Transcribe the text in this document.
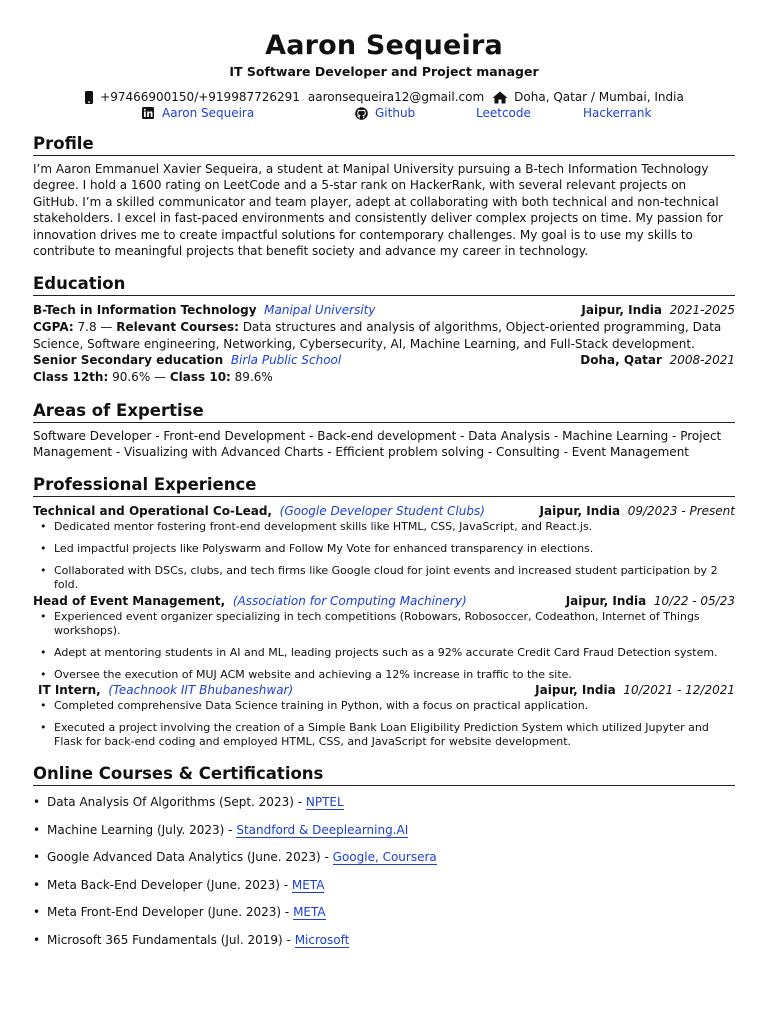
Aaron Sequeira
IT Software Developer and Project manager
+97466900150/+919987726291 aaronsequeira12@gmail.com	Doha, Qatar / Mumbai, India
Aaron Sequeira	Github	Leetcode	Hackerrank
Profile

I’m Aaron Emmanuel Xavier Sequeira, a student at Manipal University pursuing a B-tech Information Technology degree. I hold a 1600 rating on LeetCode and a 5-star rank on HackerRank, with several relevant projects on GitHub. I’m a skilled communicator and team player, adept at collaborating with both technical and non-technical stakeholders. I excel in fast-paced environments and consistently deliver complex projects on time. My passion for innovation drives me to create impactful solutions for contemporary challenges. My goal is to use my skills to contribute to meaningful projects that benefit society and advance my career in technology.

Education
B-Tech in Information Technology Manipal University	Jaipur, India 2021-2025

CGPA: 7.8 — Relevant Courses: Data structures and analysis of algorithms, Object-oriented programming, Data Science, Software engineering, Networking, Cybersecurity, AI, Machine Learning, and Full-Stack development.

Senior Secondary education Birla Public School	Doha, Qatar 2008-2021

Class 12th: 90.6% — Class 10: 89.6%

Areas of Expertise

Software Developer - Front-end Development - Back-end development - Data Analysis - Machine Learning - Project Management - Visualizing with Advanced Charts - Efficient problem solving - Consulting - Event Management

Professional Experience
Technical and Operational Co-Lead, (Google Developer Student Clubs)	Jaipur, India 09/2023 - Present
• Dedicated mentor fostering front-end development skills like HTML, CSS, JavaScript, and React.js.
• Led impactful projects like Polyswarm and Follow My Vote for enhanced transparency in elections.
• Collaborated with DSCs, clubs, and tech firms like Google cloud for joint events and increased student participation by 2 fold.
Head of Event Management, (Association for Computing Machinery)	Jaipur, India 10/22 - 05/23
• Experienced event organizer specializing in tech competitions (Robowars, Robosoccer, Codeathon, Internet of Things workshops).
• Adept at mentoring students in AI and ML, leading projects such as a 92% accurate Credit Card Fraud Detection system.
• Oversee the execution of MUJ ACM website and achieving a 12% increase in traffic to the site.
IT Intern, (Teachnook IIT Bhubaneshwar)	Jaipur, India 10/2021 - 12/2021
• Completed comprehensive Data Science training in Python, with a focus on practical application.
• Executed a project involving the creation of a Simple Bank Loan Eligibility Prediction System which utilized Jupyter and Flask for back-end coding and employed HTML, CSS, and JavaScript for website development.
Online Courses & Certifications
• Data Analysis Of Algorithms (Sept. 2023) - NPTEL
• Machine Learning (July. 2023) - Standford & Deeplearning.AI
• Google Advanced Data Analytics (June. 2023) - Google, Coursera
• Meta Back-End Developer (June. 2023) - META
• Meta Front-End Developer (June. 2023) - META
• Microsoft 365 Fundamentals (Jul. 2019) - Microsoft
